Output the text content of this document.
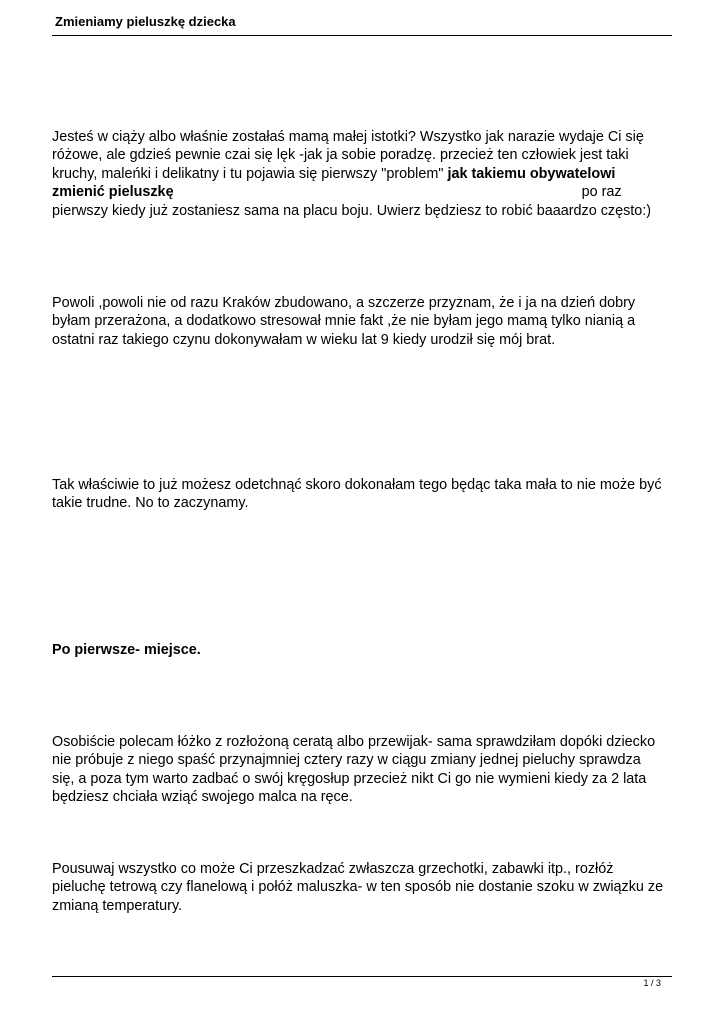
Zmieniamy pieluszkę dziecka

Jesteś w ciąży albo właśnie zostałaś mamą małej istotki? Wszystko jak narazie wydaje Ci się
różowe, ale gdzieś pewnie czai się lęk -jak ja sobie poradzę. przecież ten człowiek jest taki
kruchy, maleńki i delikatny i tu pojawia się pierwszy "problem" jak takiemu obywatelowi
zmienić pieluszkę	po raz
pierwszy kiedy już zostaniesz sama na placu boju. Uwierz będziesz to robić baaardzo często:)

Powoli ,powoli nie od razu Kraków zbudowano, a szczerze przyznam, że i ja na dzień dobry
byłam przerażona, a dodatkowo stresował mnie fakt ,że nie byłam jego mamą tylko nianią a
ostatni raz takiego czynu dokonywałam w wieku lat 9 kiedy urodził się mój brat.

Tak właściwie to już możesz odetchnąć skoro dokonałam tego będąc taka mała to nie może być
takie trudne. No to zaczynamy.

Po pierwsze- miejsce.

Osobiście polecam łóżko z rozłożoną ceratą albo przewijak- sama sprawdziłam dopóki dziecko
nie próbuje z niego spaść przynajmniej cztery razy w ciągu zmiany jednej pieluchy sprawdza
się, a poza tym warto zadbać o swój kręgosłup przecież nikt Ci go nie wymieni kiedy za 2 lata
będziesz chciała wziąć swojego malca na ręce.

Pousuwaj wszystko co może Ci przeszkadzać zwłaszcza grzechotki, zabawki itp., rozłóż
pieluchę tetrową czy flanelową i połóż maluszka- w ten sposób nie dostanie szoku w związku ze
zmianą temperatury.

1 / 3
